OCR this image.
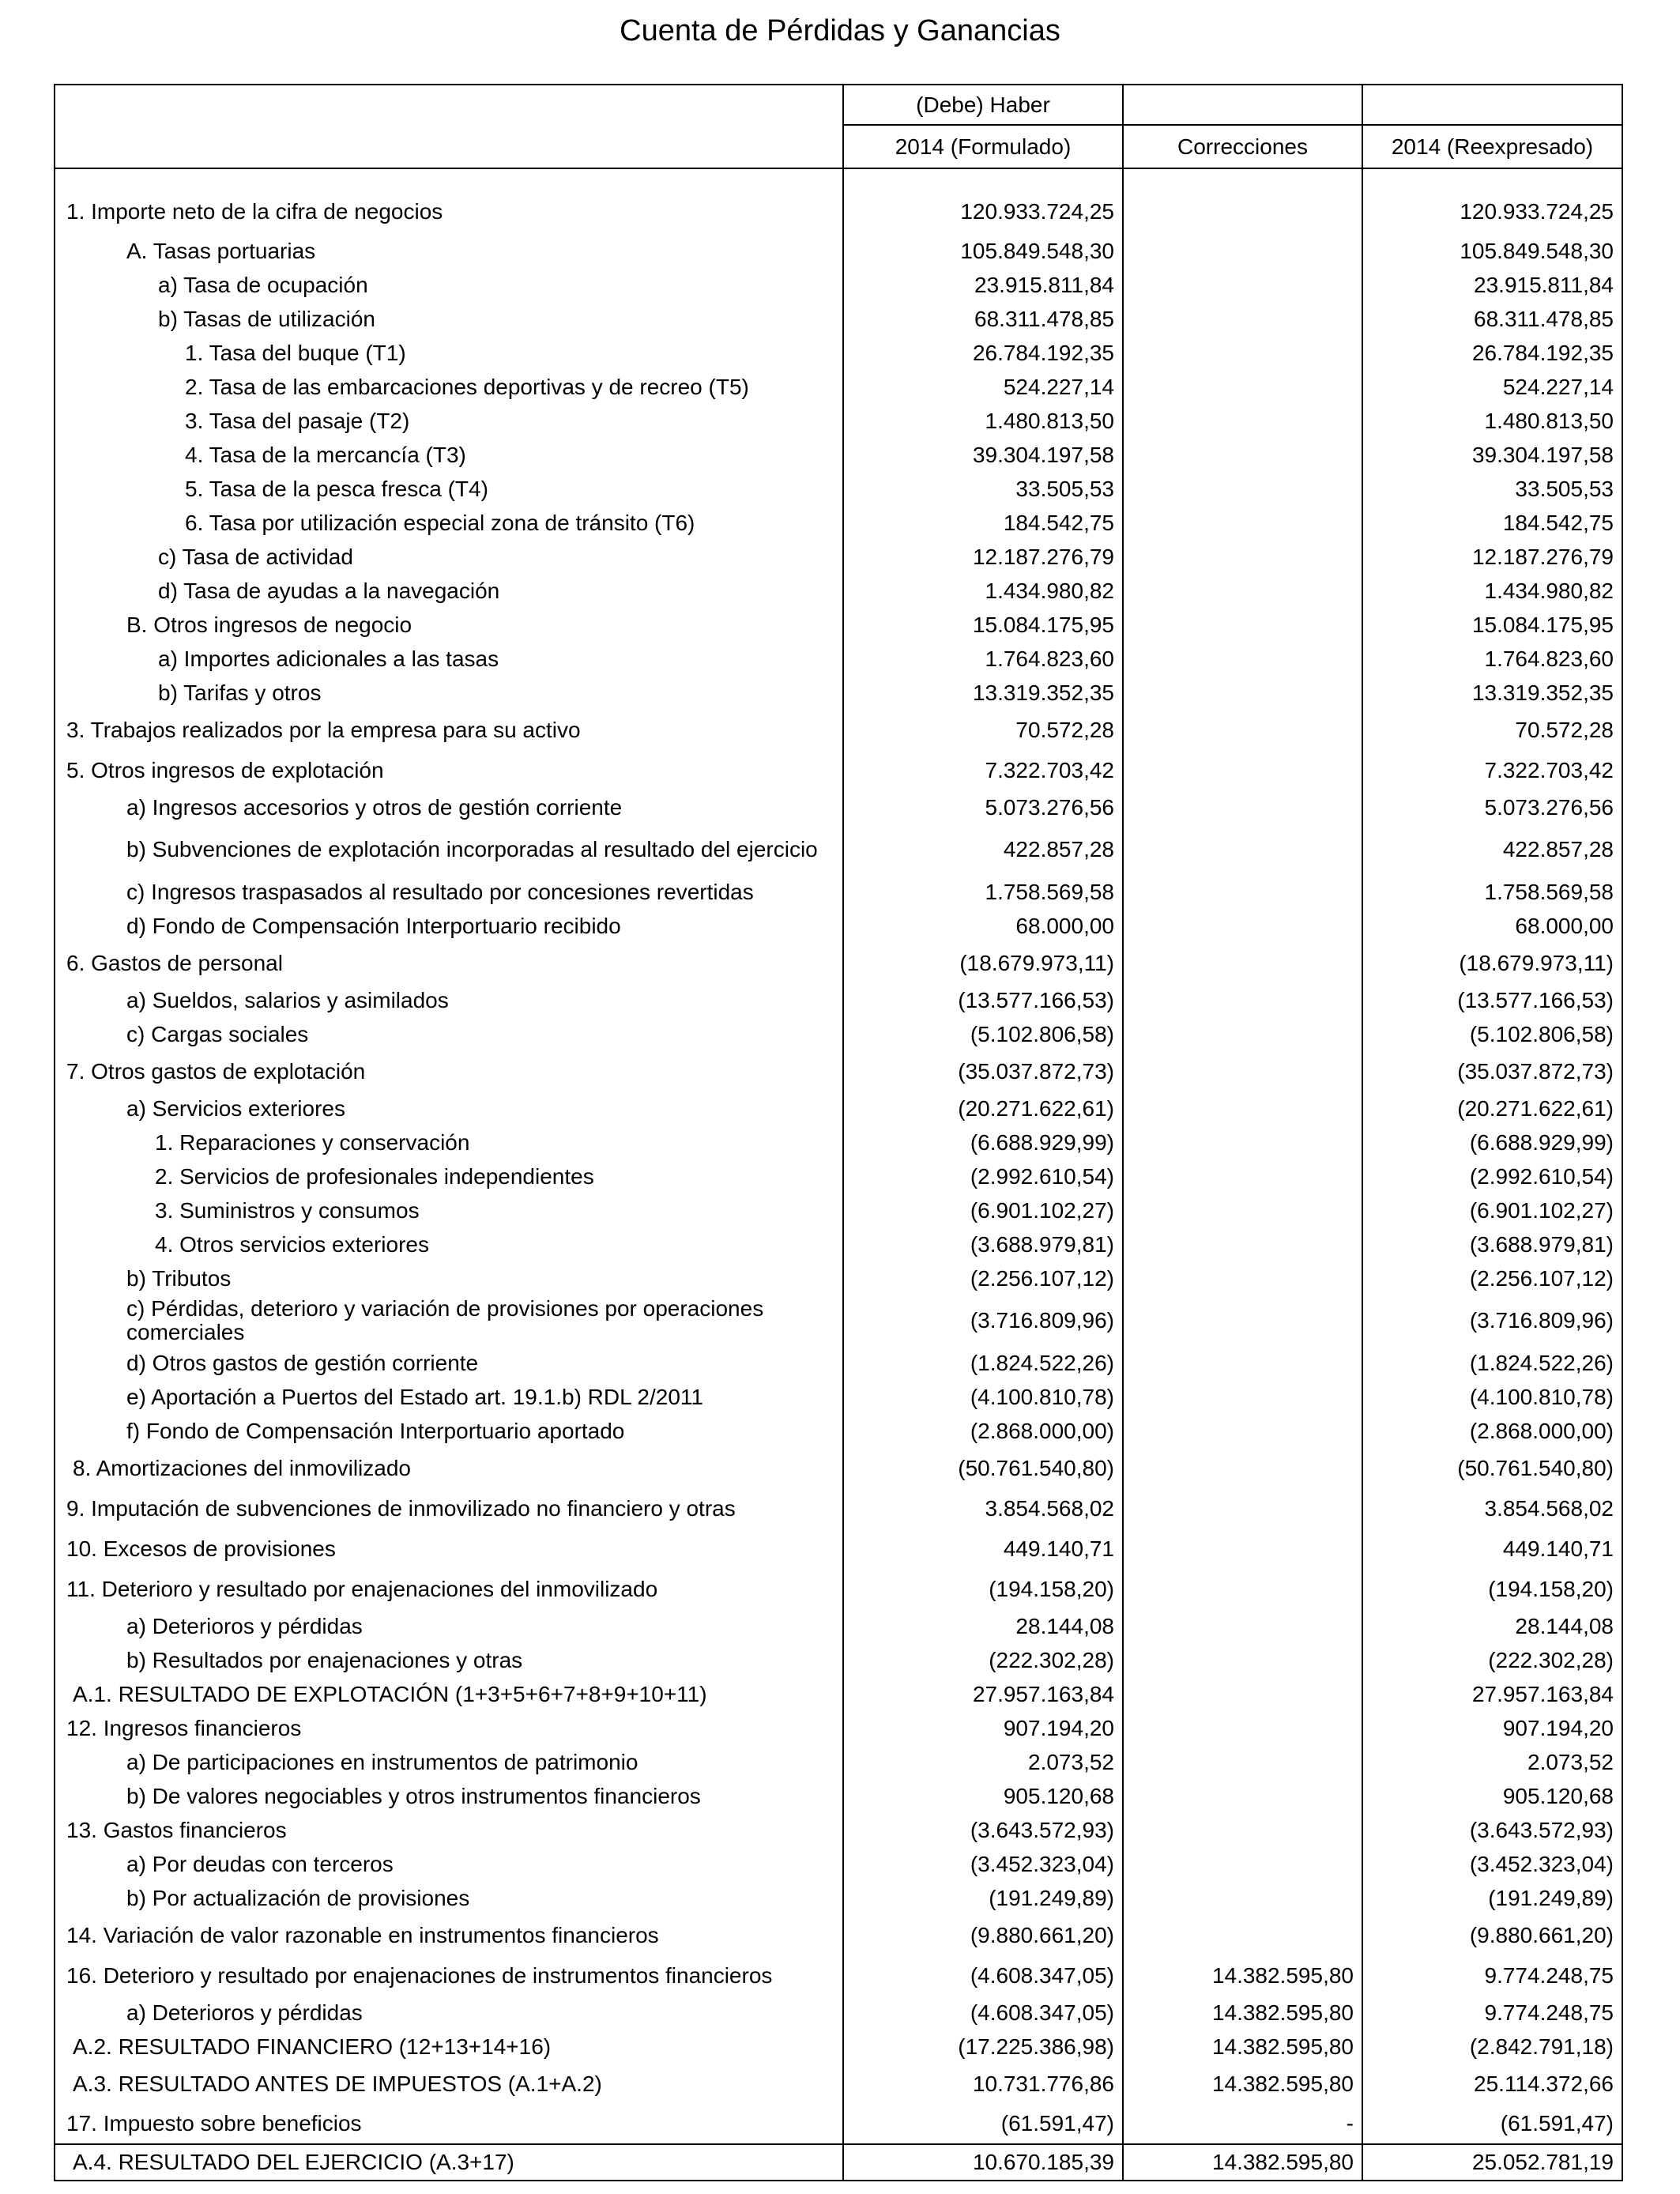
Cuenta de Pérdidas y Ganancias
	(Debe) Haber		
	2014 (Formulado)	Correcciones	2014 (Reexpresado)

1. Importe neto de la cifra de negocios	120.933.724,25		120.933.724,25
A. Tasas portuarias	105.849.548,30		105.849.548,30
a) Tasa de ocupación	23.915.811,84		23.915.811,84
b) Tasas de utilización	68.311.478,85		68.311.478,85
1. Tasa del buque (T1)	26.784.192,35		26.784.192,35
2. Tasa de las embarcaciones deportivas y de recreo (T5)	524.227,14		524.227,14
3. Tasa del pasaje (T2)	1.480.813,50		1.480.813,50
4. Tasa de la mercancía (T3)	39.304.197,58		39.304.197,58
5. Tasa de la pesca fresca (T4)	33.505,53		33.505,53
6. Tasa por utilización especial zona de tránsito (T6)	184.542,75		184.542,75
c) Tasa de actividad	12.187.276,79		12.187.276,79
d) Tasa de ayudas a la navegación	1.434.980,82		1.434.980,82
B. Otros ingresos de negocio	15.084.175,95		15.084.175,95
a) Importes adicionales a las tasas	1.764.823,60		1.764.823,60
b) Tarifas y otros	13.319.352,35		13.319.352,35
3. Trabajos realizados por la empresa para su activo	70.572,28		70.572,28
5. Otros ingresos de explotación	7.322.703,42		7.322.703,42
a) Ingresos accesorios y otros de gestión corriente	5.073.276,56		5.073.276,56
b) Subvenciones de explotación incorporadas al resultado del ejercicio	422.857,28		422.857,28
c) Ingresos traspasados al resultado por concesiones revertidas	1.758.569,58		1.758.569,58
d) Fondo de Compensación Interportuario recibido	68.000,00		68.000,00
6. Gastos de personal	(18.679.973,11)		(18.679.973,11)
a) Sueldos, salarios y asimilados	(13.577.166,53)		(13.577.166,53)
c) Cargas sociales	(5.102.806,58)		(5.102.806,58)
7. Otros gastos de explotación	(35.037.872,73)		(35.037.872,73)
a) Servicios exteriores	(20.271.622,61)		(20.271.622,61)
1. Reparaciones y conservación	(6.688.929,99)		(6.688.929,99)
2. Servicios de profesionales independientes	(2.992.610,54)		(2.992.610,54)
3. Suministros y consumos	(6.901.102,27)		(6.901.102,27)
4. Otros servicios exteriores	(3.688.979,81)		(3.688.979,81)
b) Tributos	(2.256.107,12)		(2.256.107,12)
c) Pérdidas, deterioro y variación de provisiones por operaciones comerciales	(3.716.809,96)		(3.716.809,96)
d) Otros gastos de gestión corriente	(1.824.522,26)		(1.824.522,26)
e) Aportación a Puertos del Estado art. 19.1.b) RDL 2/2011	(4.100.810,78)		(4.100.810,78)
f) Fondo de Compensación Interportuario aportado	(2.868.000,00)		(2.868.000,00)
8. Amortizaciones del inmovilizado	(50.761.540,80)		(50.761.540,80)
9. Imputación de subvenciones de inmovilizado no financiero y otras	3.854.568,02		3.854.568,02
10. Excesos de provisiones	449.140,71		449.140,71
11. Deterioro y resultado por enajenaciones del inmovilizado	(194.158,20)		(194.158,20)
a) Deterioros y pérdidas	28.144,08		28.144,08
b) Resultados por enajenaciones y otras	(222.302,28)		(222.302,28)
A.1. RESULTADO DE EXPLOTACIÓN (1+3+5+6+7+8+9+10+11)	27.957.163,84		27.957.163,84
12. Ingresos financieros	907.194,20		907.194,20
a) De participaciones en instrumentos de patrimonio	2.073,52		2.073,52
b) De valores negociables y otros instrumentos financieros	905.120,68		905.120,68
13. Gastos financieros	(3.643.572,93)		(3.643.572,93)
a) Por deudas con terceros	(3.452.323,04)		(3.452.323,04)
b) Por actualización de provisiones	(191.249,89)		(191.249,89)
14. Variación de valor razonable en instrumentos financieros	(9.880.661,20)		(9.880.661,20)
16. Deterioro y resultado por enajenaciones de instrumentos financieros	(4.608.347,05)	14.382.595,80	9.774.248,75
a) Deterioros y pérdidas	(4.608.347,05)	14.382.595,80	9.774.248,75
A.2. RESULTADO FINANCIERO (12+13+14+16)	(17.225.386,98)	14.382.595,80	(2.842.791,18)
A.3. RESULTADO ANTES DE IMPUESTOS (A.1+A.2)	10.731.776,86	14.382.595,80	25.114.372,66
17. Impuesto sobre beneficios	(61.591,47)	-	(61.591,47)
A.4. RESULTADO DEL EJERCICIO (A.3+17)	10.670.185,39	14.382.595,80	25.052.781,19
